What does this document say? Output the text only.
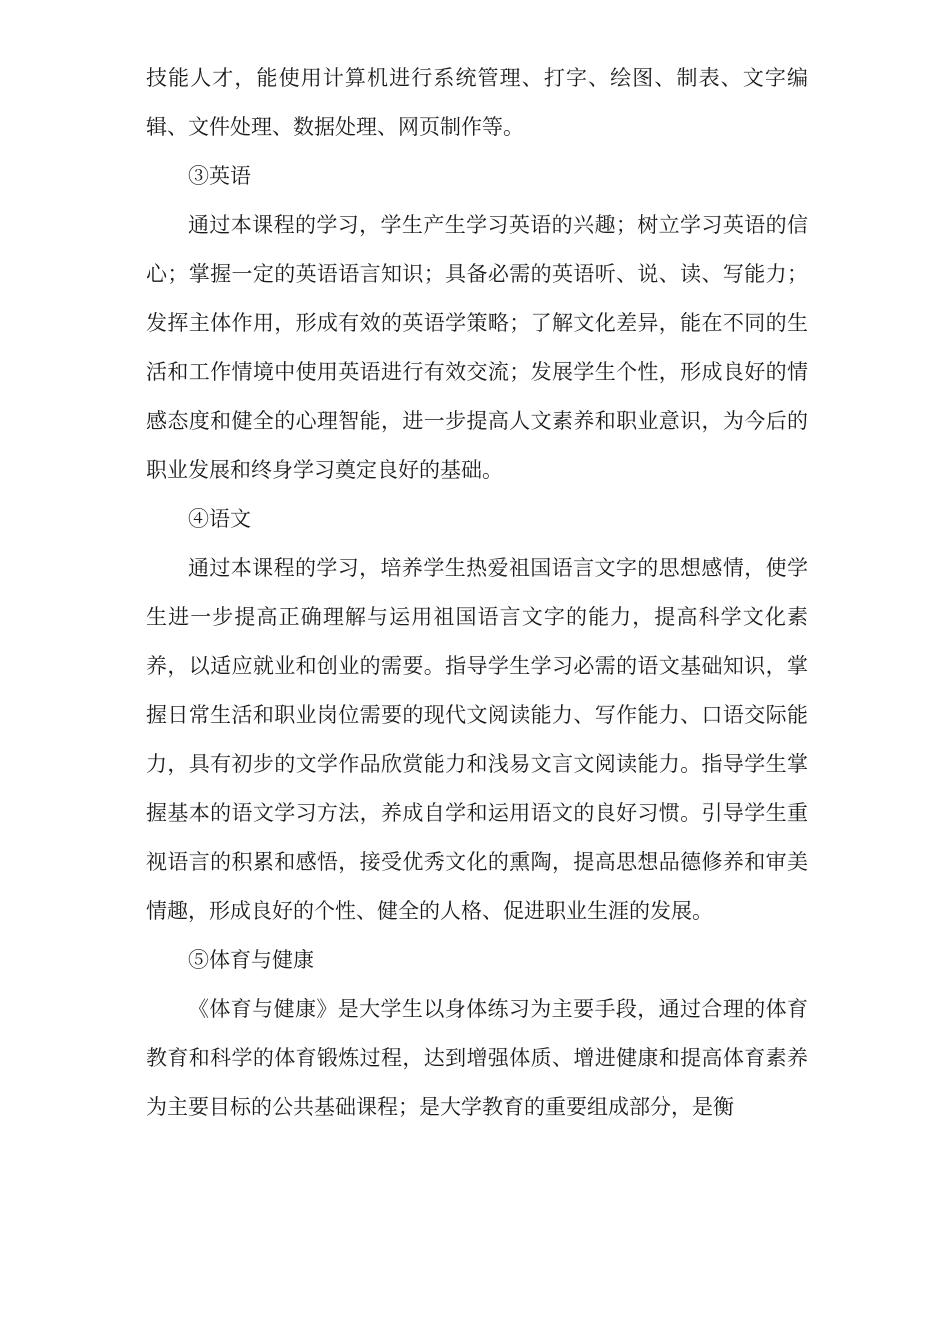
技能人才，能使用计算机进行系统管理、打字、绘图、制表、文字编辑、文件处理、数据处理、网页制作等。

③英语

通过本课程的学习，学生产生学习英语的兴趣；树立学习英语的信心；掌握一定的英语语言知识；具备必需的英语听、说、读、写能力；发挥主体作用，形成有效的英语学策略；了解文化差异，能在不同的生活和工作情境中使用英语进行有效交流；发展学生个性，形成良好的情感态度和健全的心理智能，进一步提高人文素养和职业意识，为今后的职业发展和终身学习奠定良好的基础。

④语文

通过本课程的学习，培养学生热爱祖国语言文字的思想感情，使学生进一步提高正确理解与运用祖国语言文字的能力，提高科学文化素养，以适应就业和创业的需要。指导学生学习必需的语文基础知识，掌握日常生活和职业岗位需要的现代文阅读能力、写作能力、口语交际能力，具有初步的文学作品欣赏能力和浅易文言文阅读能力。指导学生掌握基本的语文学习方法，养成自学和运用语文的良好习惯。引导学生重视语言的积累和感悟，接受优秀文化的熏陶，提高思想品德修养和审美情趣，形成良好的个性、健全的人格、促进职业生涯的发展。

⑤体育与健康

《体育与健康》是大学生以身体练习为主要手段，通过合理的体育教育和科学的体育锻炼过程，达到增强体质、增进健康和提高体育素养为主要目标的公共基础课程；是大学教育的重要组成部分，是衡
